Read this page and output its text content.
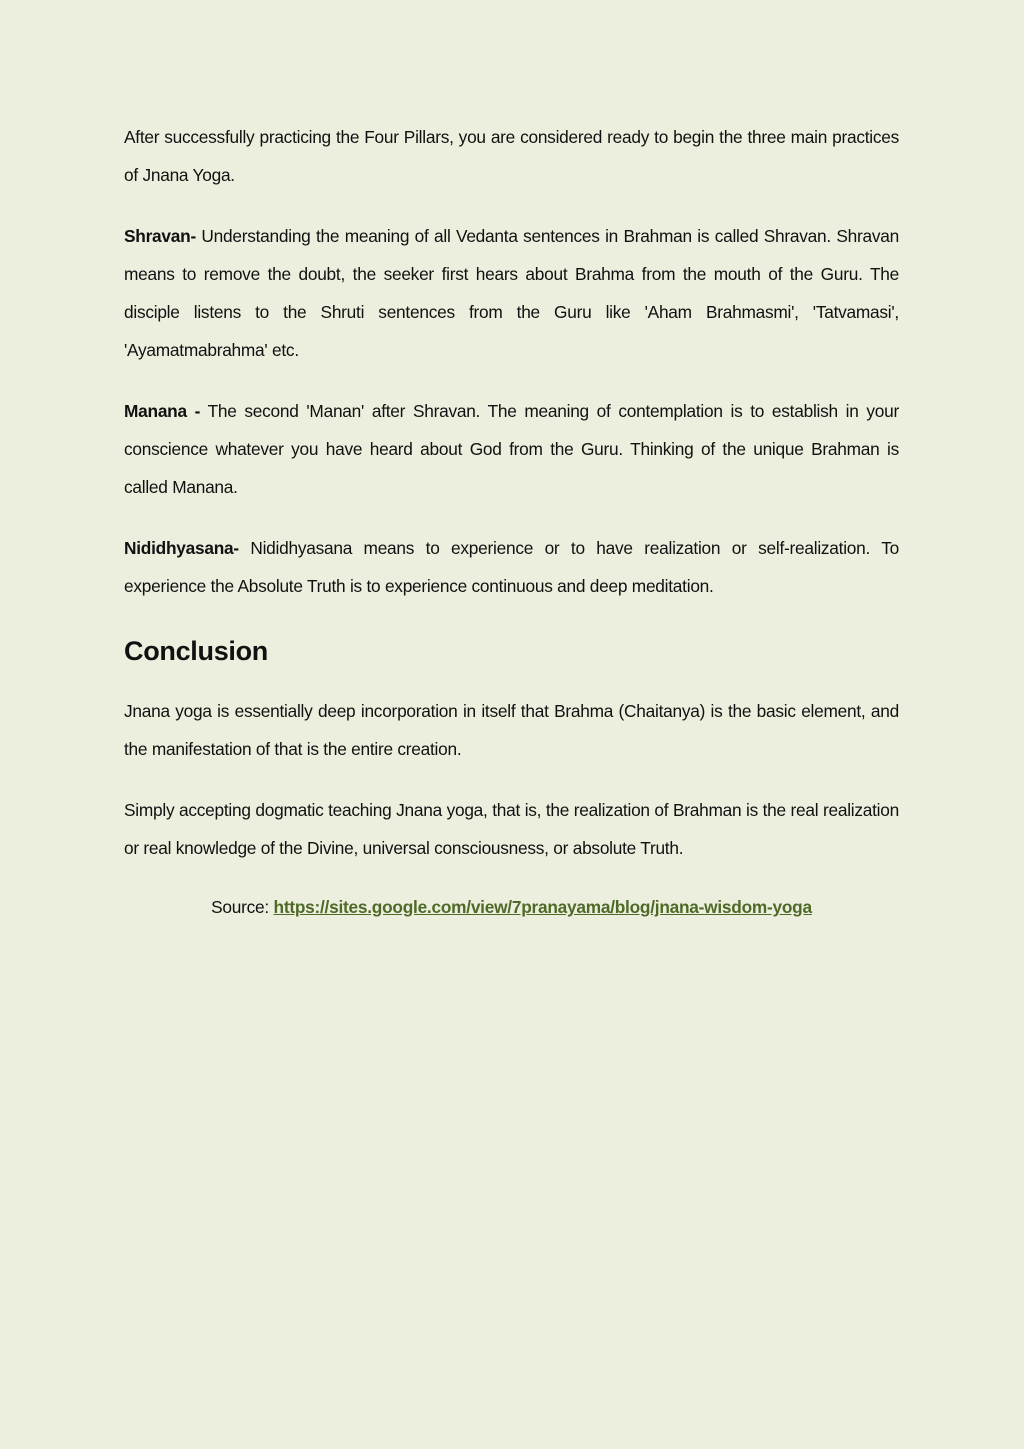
After successfully practicing the Four Pillars, you are considered ready to begin the three main practices of Jnana Yoga.

Shravan- Understanding the meaning of all Vedanta sentences in Brahman is called Shravan. Shravan means to remove the doubt, the seeker first hears about Brahma from the mouth of the Guru. The disciple listens to the Shruti sentences from the Guru like 'Aham Brahmasmi', 'Tatvamasi', 'Ayamatmabrahma' etc.

Manana - The second 'Manan' after Shravan. The meaning of contemplation is to establish in your conscience whatever you have heard about God from the Guru. Thinking of the unique Brahman is called Manana.

Nididhyasana- Nididhyasana means to experience or to have realization or self-realization. To experience the Absolute Truth is to experience continuous and deep meditation.

Conclusion

Jnana yoga is essentially deep incorporation in itself that Brahma (Chaitanya) is the basic element, and the manifestation of that is the entire creation.

Simply accepting dogmatic teaching Jnana yoga, that is, the realization of Brahman is the real realization or real knowledge of the Divine, universal consciousness, or absolute Truth.

Source: https://sites.google.com/view/7pranayama/blog/jnana-wisdom-yoga
